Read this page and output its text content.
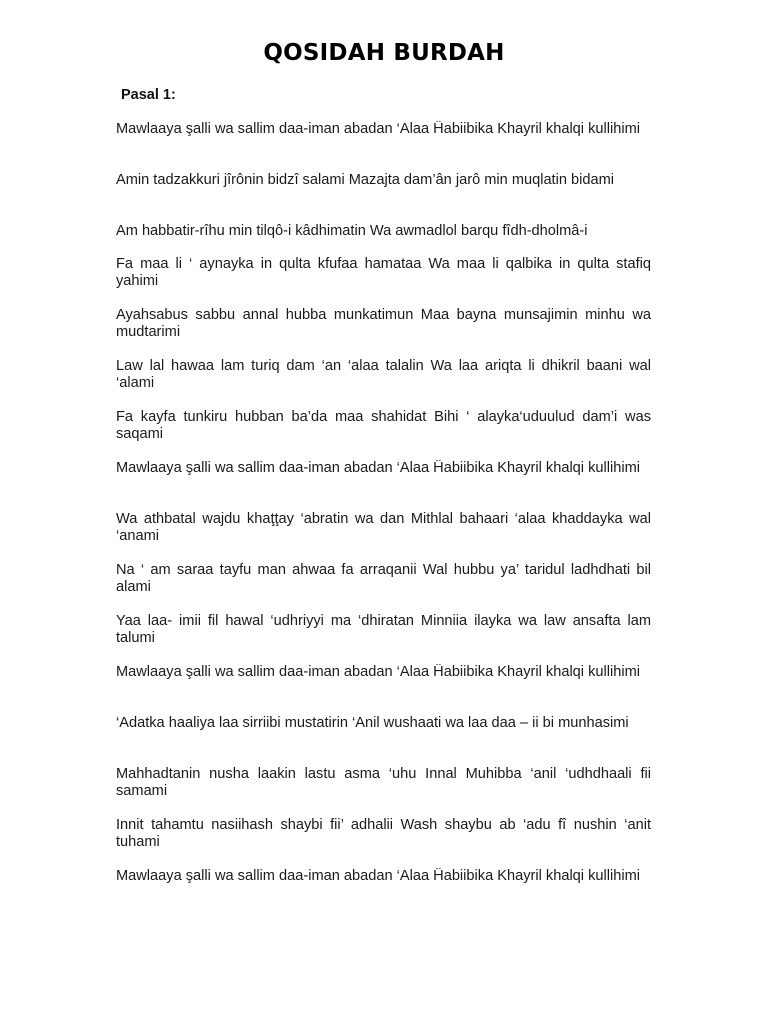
QOSIDAH BURDAH
Pasal 1:
Mawlaaya şalli wa sallim daa-iman abadan ‘Alaa Ĥabiibika Khayril khalqi kullihimi
Amin tadzakkuri jîrônin bidzî salami Mazajta dam’ân jarô min muqlatin bidami
Am habbatir-rîhu min tilqô-i kâdhimatin Wa awmadlol barqu fîdh-dholmâ-i
Fa maa li ‘ aynayka in qulta kfufaa hamataa Wa maa li qalbika in qulta stafiq yahimi
Ayahsabus sabbu annal hubba munkatimun Maa bayna munsajimin minhu wa mudtarimi
Law lal hawaa lam turiq dam ‘an ‘alaa talalin Wa laa ariqta li dhikril baani wal ‘alami
Fa kayfa tunkiru hubban ba’da maa shahidat Bihi ‘ alayka‘uduulud dam’i was saqami
Mawlaaya şalli wa sallim daa-iman abadan ‘Alaa Ĥabiibika Khayril khalqi kullihimi
Wa athbatal wajdu khaţţay ‘abratin wa dan Mithlal bahaari ‘alaa khaddayka wal ‘anami
Na ‘ am saraa tayfu man ahwaa fa arraqanii Wal hubbu ya’ taridul ladhdhati bil alami
Yaa laa- imii fil hawal ‘udhriyyi ma ‘dhiratan Minniia ilayka wa law ansafta lam talumi
Mawlaaya şalli wa sallim daa-iman abadan ‘Alaa Ĥabiibika Khayril khalqi kullihimi
‘Adatka haaliya laa sirriibi mustatirin ‘Anil wushaati wa laa daa – ii bi munhasimi
Mahhadtanin nusha laakin lastu asma ‘uhu Innal Muhibba ‘anil ‘udhdhaali fii samami
Innit tahamtu nasiihash shaybi fii’ adhalii Wash shaybu ab ‘adu fî nushin ‘anit tuhami
Mawlaaya şalli wa sallim daa-iman abadan ‘Alaa Ĥabiibika Khayril khalqi kullihimi
